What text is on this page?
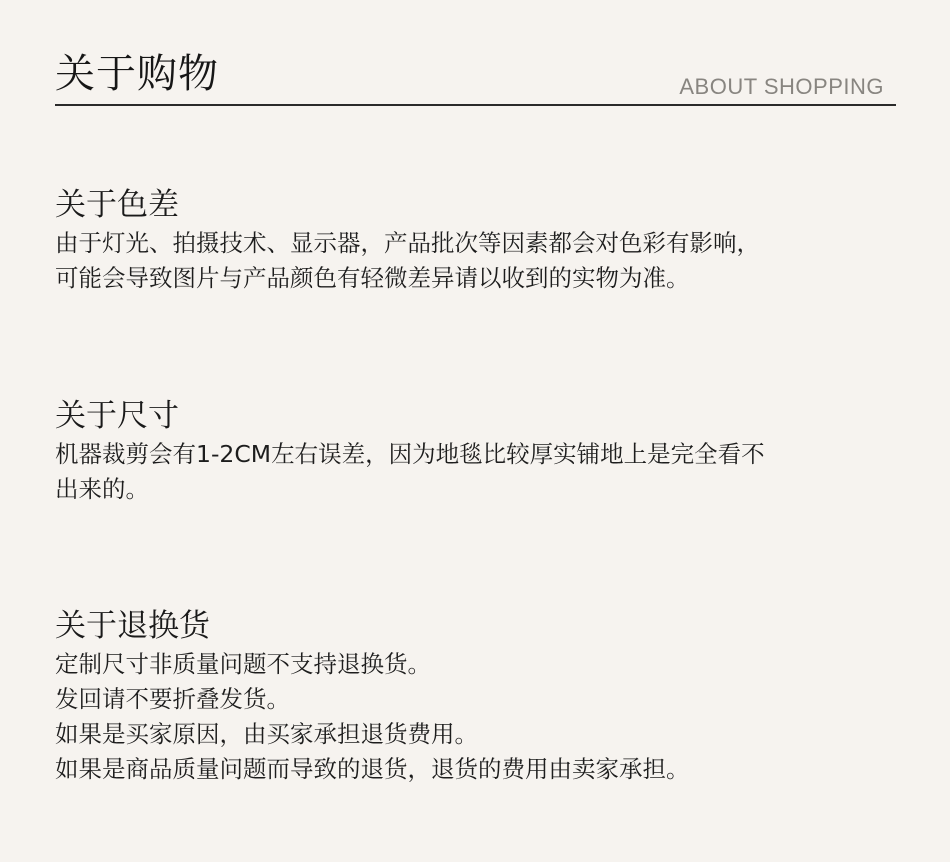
关于购物	ABOUT SHOPPING
关于色差
由于灯光、拍摄技术、显示器，产品批次等因素都会对色彩有影响，
可能会导致图片与产品颜色有轻微差异请以收到的实物为准。
关于尺寸
机器裁剪会有1-2CM左右误差，因为地毯比较厚实铺地上是完全看不
出来的。
关于退换货
定制尺寸非质量问题不支持退换货。
发回请不要折叠发货。
如果是买家原因，由买家承担退货费用。
如果是商品质量问题而导致的退货，退货的费用由卖家承担。
